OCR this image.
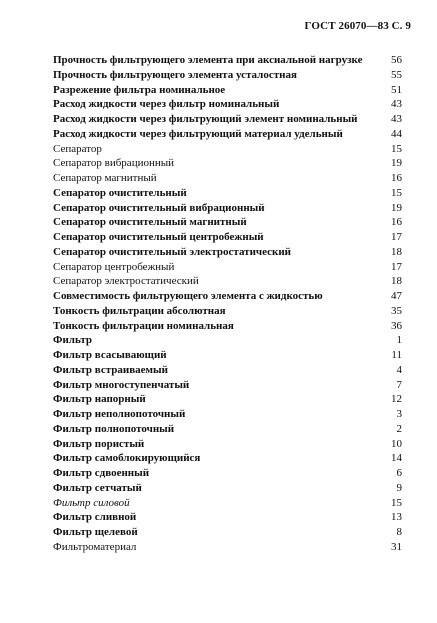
ГОСТ 26070—83 С. 9
Прочность фильтрующего элемента при аксиальной нагрузке	56
Прочность фильтрующего элемента усталостная	55
Разрежение фильтра номинальное	51
Расход жидкости через фильтр номинальный	43
Расход жидкости через фильтрующий элемент номинальный	43
Расход жидкости через фильтрующий материал удельный	44
Сепаратор	15
Сепаратор вибрационный	19
Сепаратор магнитный	16
Сепаратор очистительный	15
Сепаратор очистительный вибрационный	19
Сепаратор очистительный магнитный	16
Сепаратор очистительный центробежный	17
Сепаратор очистительный электростатический	18
Сепаратор центробежный	17
Сепаратор электростатический	18
Совместимость фильтрующего элемента с жидкостью	47
Тонкость фильтрации абсолютная	35
Тонкость фильтрации номинальная	36
Фильтр	1
Фильтр всасывающий	11
Фильтр встраиваемый	4
Фильтр многоступенчатый	7
Фильтр напорный	12
Фильтр неполнопоточный	3
Фильтр полнопоточный	2
Фильтр пористый	10
Фильтр самоблокирующийся	14
Фильтр сдвоенный	6
Фильтр сетчатый	9
Фильтр силовой	15
Фильтр сливной	13
Фильтр щелевой	8
Фильтроматериал	31
